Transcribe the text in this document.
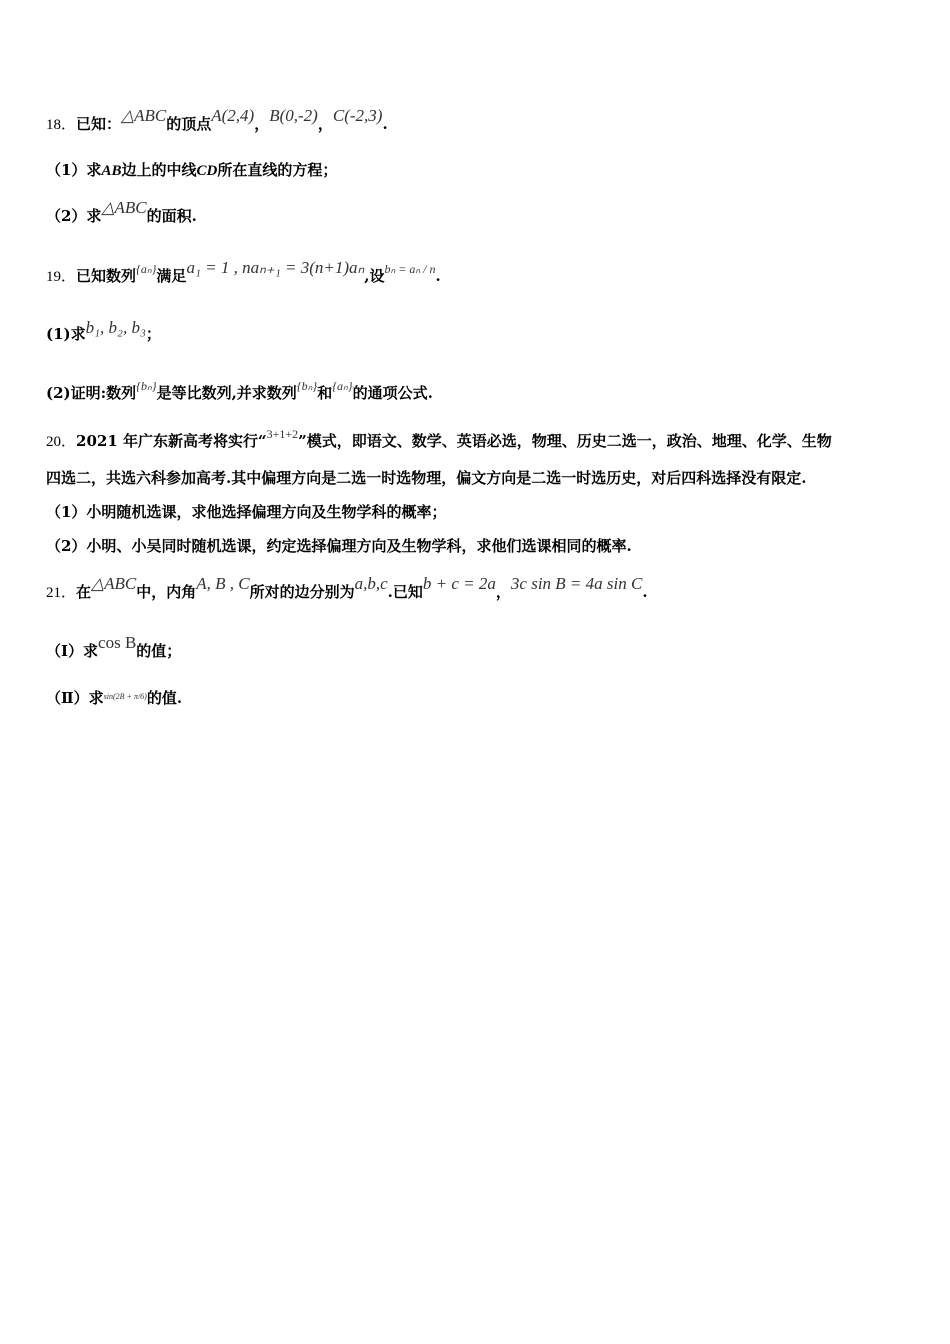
18．已知：△ABC的顶点A(2,4)，B(0,-2)，C(-2,3).
（1）求AB边上的中线CD所在直线的方程；
（2）求△ABC的面积.
19．已知数列{aₙ}满足a₁ = 1 , naₙ₊₁ = 3(n+1)aₙ,设bₙ = aₙ / n.
(1)求b₁, b₂, b₃；
(2)证明:数列{bₙ}是等比数列,并求数列{bₙ}和{aₙ}的通项公式.
20．2021 年广东新高考将实行“3+1+2”模式，即语文、数学、英语必选，物理、历史二选一，政治、地理、化学、生物
四选二，共选六科参加高考.其中偏理方向是二选一时选物理，偏文方向是二选一时选历史，对后四科选择没有限定.
（1）小明随机选课，求他选择偏理方向及生物学科的概率；
（2）小明、小吴同时随机选课，约定选择偏理方向及生物学科，求他们选课相同的概率.
21．在△ABC中，内角A, B , C所对的边分别为a,b,c.已知b + c = 2a，3c sin B = 4a sin C.
（Ⅰ）求cos B的值；
（Ⅱ）求sin(2B + π/6)的值.
